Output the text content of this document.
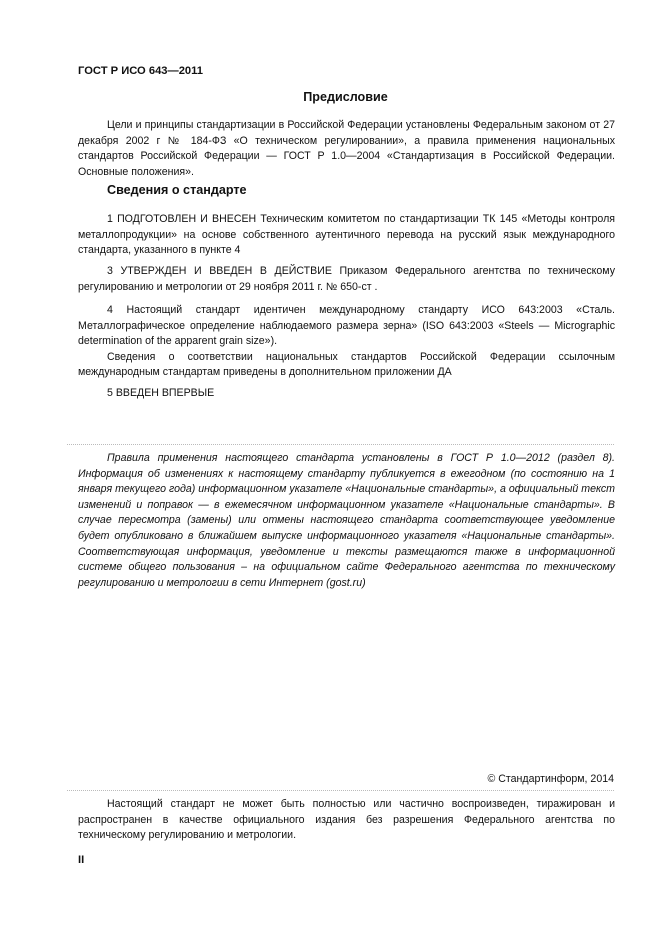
ГОСТ Р ИСО 643—2011
Предисловие

Цели и принципы стандартизации в Российской Федерации установлены Федеральным законом от 27 декабря 2002 г № 184-ФЗ «О техническом регулировании», а правила применения национальных стандартов Российской Федерации — ГОСТ Р 1.0—2004 «Стандартизация в Российской Федерации. Основные положения».

Сведения о стандарте

1 ПОДГОТОВЛЕН И ВНЕСЕН Техническим комитетом по стандартизации ТК 145 «Методы контроля металлопродукции» на основе собственного аутентичного перевода на русский язык международного стандарта, указанного в пункте 4

3 УТВЕРЖДЕН И ВВЕДЕН В ДЕЙСТВИЕ Приказом Федерального агентства по техническому регулированию и метрологии от 29 ноября 2011 г. № 650-ст .

4 Настоящий стандарт идентичен международному стандарту ИСО 643:2003 «Сталь. Металлографическое определение наблюдаемого размера зерна» (ISO 643:2003 «Steels — Micrographic determination of the apparent grain size»).

Сведения о соответствии национальных стандартов Российской Федерации ссылочным международным стандартам приведены в дополнительном приложении ДА

5 ВВЕДЕН ВПЕРВЫЕ

Правила применения настоящего стандарта установлены в ГОСТ Р 1.0—2012 (раздел 8). Информация об изменениях к настоящему стандарту публикуется в ежегодном (по состоянию на 1 января текущего года) информационном указателе «Национальные стандарты», а официальный текст изменений и поправок — в ежемесячном информационном указателе «Национальные стандарты». В случае пересмотра (замены) или отмены настоящего стандарта соответствующее уведомление будет опубликовано в ближайшем выпуске информационного указателя «Национальные стандарты». Соответствующая информация, уведомление и тексты размещаются также в информационной системе общего пользования – на официальном сайте Федерального агентства по техническому регулированию и метрологии в сети Интернет (gost.ru)

© Стандартинформ, 2014

Настоящий стандарт не может быть полностью или частично воспроизведен, тиражирован и распространен в качестве официального издания без разрешения Федерального агентства по техническому регулированию и метрологии.

II
